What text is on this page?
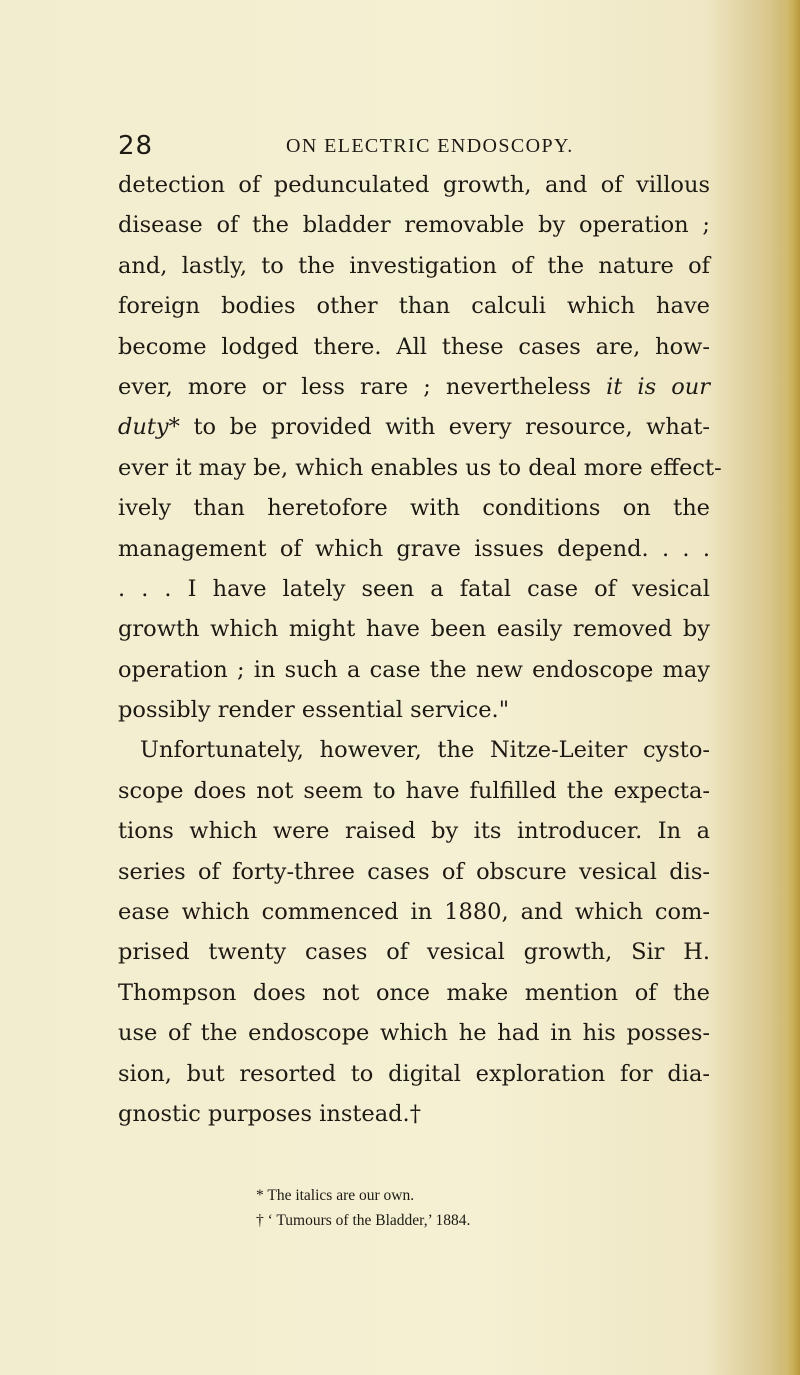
28	ON ELECTRIC ENDOSCOPY.
detection of pedunculated growth, and of villous
disease of the bladder removable by operation ;
and, lastly, to the investigation of the nature of
foreign bodies other than calculi which have
become lodged there. All these cases are, how-
ever, more or less rare ; nevertheless it is our
duty* to be provided with every resource, what-
ever it may be, which enables us to deal more effect-
ively than heretofore with conditions on the
management of which grave issues depend. . . .
. . . I have lately seen a fatal case of vesical
growth which might have been easily removed by
operation ; in such a case the new endoscope may
possibly render essential service."
Unfortunately, however, the Nitze-Leiter cysto-
scope does not seem to have fulfilled the expecta-
tions which were raised by its introducer. In a
series of forty-three cases of obscure vesical dis-
ease which commenced in 1880, and which com-
prised twenty cases of vesical growth, Sir H.
Thompson does not once make mention of the
use of the endoscope which he had in his posses-
sion, but resorted to digital exploration for dia-
gnostic purposes instead.†
* The italics are our own.
† ‘ Tumours of the Bladder,’ 1884.
